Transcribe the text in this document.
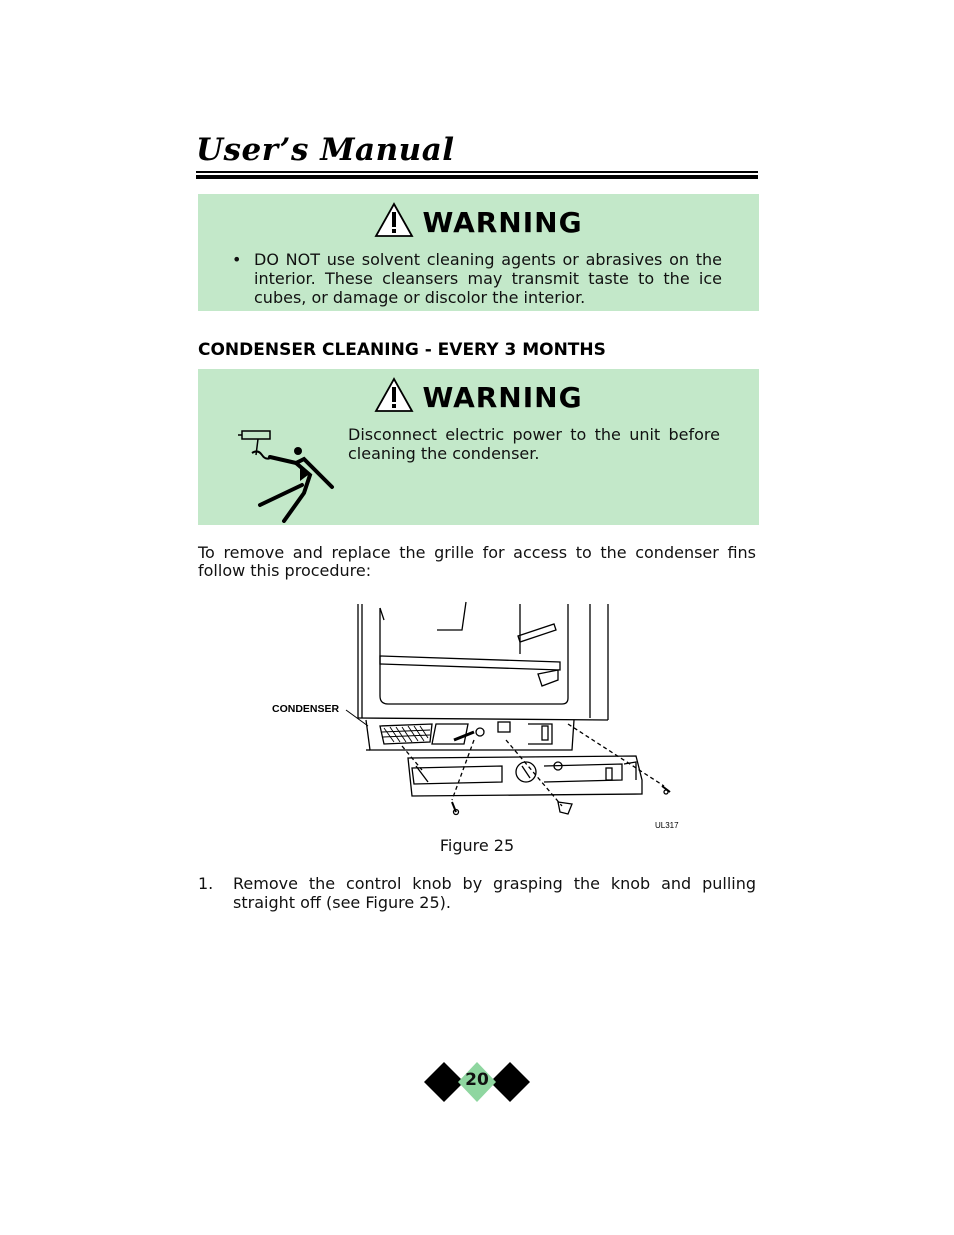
User’s Manual
WARNING
• DO NOT use solvent cleaning agents or abrasives on the interior. These cleansers may transmit taste to the ice cubes, or damage or discolor the interior.
CONDENSER CLEANING - EVERY 3 MONTHS
WARNING
Disconnect electric power to the unit before cleaning the condenser.
To remove and replace the grille for access to the condenser fins follow this procedure:
CONDENSER
UL317
Figure 25
1. Remove the control knob by grasping the knob and pulling straight off (see Figure 25).
20
